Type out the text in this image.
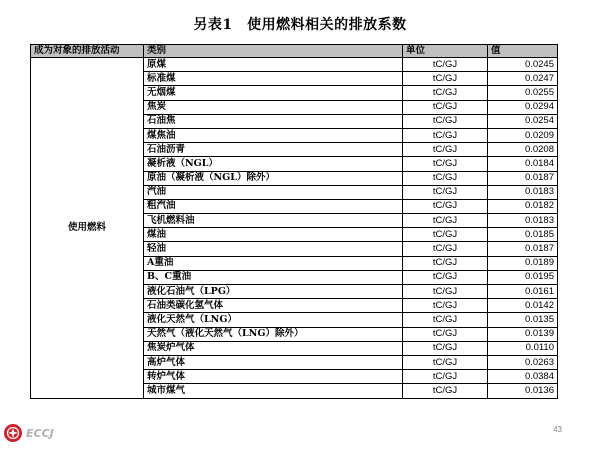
另表1　使用燃料相关的排放系数
成为对象的排放活动	类别	单位	值
使用燃料	原煤	tC/GJ	0.0245
	标准煤	tC/GJ	0.0247
	无烟煤	tC/GJ	0.0255
	焦炭	tC/GJ	0.0294
	石油焦	tC/GJ	0.0254
	煤焦油	tC/GJ	0.0209
	石油沥青	tC/GJ	0.0208
	凝析液（NGL）	tC/GJ	0.0184
	原油（凝析液（NGL）除外）	tC/GJ	0.0187
	汽油	tC/GJ	0.0183
	粗汽油	tC/GJ	0.0182
	飞机燃料油	tC/GJ	0.0183
	煤油	tC/GJ	0.0185
	轻油	tC/GJ	0.0187
	A重油	tC/GJ	0.0189
	B、C重油	tC/GJ	0.0195
	液化石油气（LPG）	tC/GJ	0.0161
	石油类碳化氢气体	tC/GJ	0.0142
	液化天然气（LNG）	tC/GJ	0.0135
	天然气（液化天然气（LNG）除外）	tC/GJ	0.0139
	焦炭炉气体	tC/GJ	0.0110
	高炉气体	tC/GJ	0.0263
	转炉气体	tC/GJ	0.0384
	城市煤气	tC/GJ	0.0136
ECCJ	43
